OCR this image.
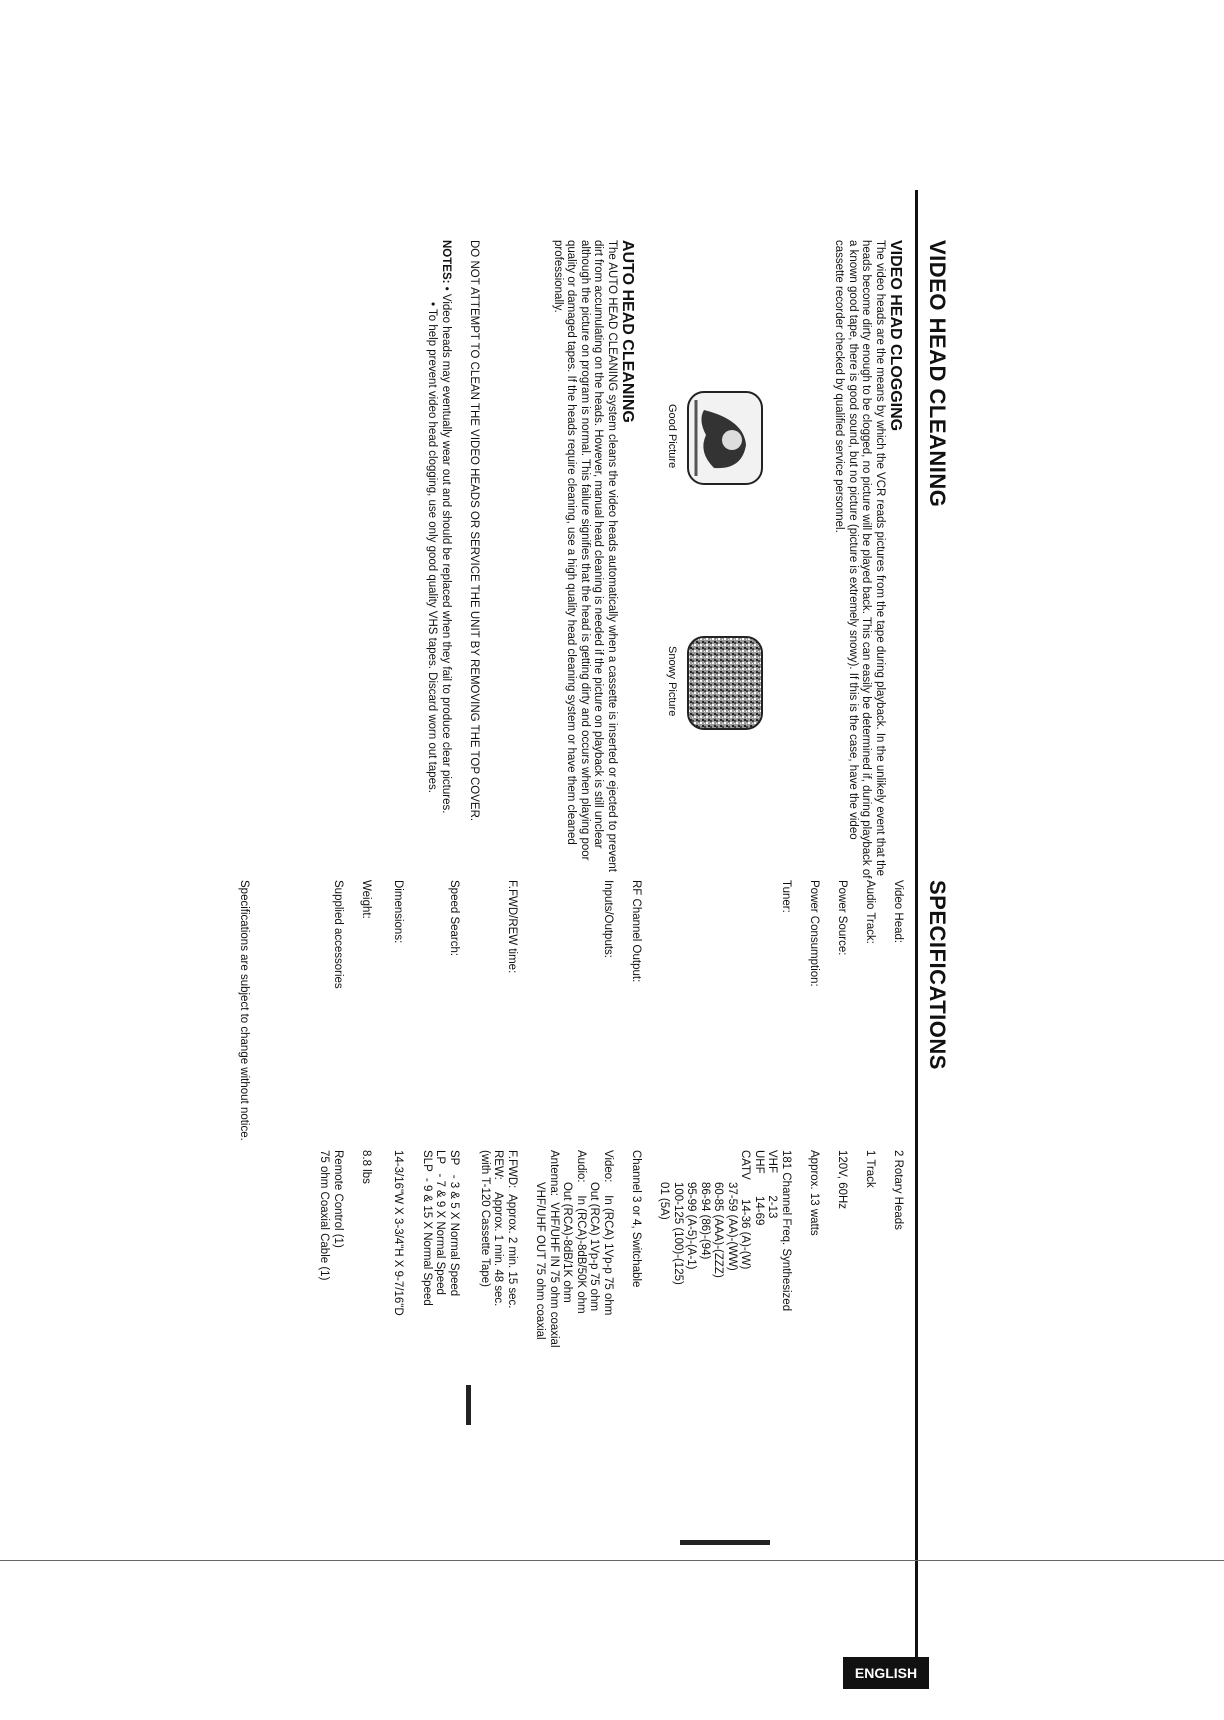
VIDEO HEAD CLEANING
SPECIFICATIONS
ENGLISH
VIDEO HEAD CLOGGING

The video heads are the means by which the VCR reads pictures from the tape during playback. In the unlikely event that the heads become dirty enough to be clogged, no picture will be played back. This can easily be determined if, during playback of a known good tape, there is good sound, but no picture (picture is extremely snowy). If this is the case, have the video cassette recorder checked by qualified service personnel.

Good Picture
Snowy Picture
AUTO HEAD CLEANING

The AUTO HEAD CLEANING system cleans the video heads automatically when a cassette is inserted or ejected to prevent dirt from accumulating on the heads. However, manual head cleaning is needed if the picture on playback is still unclear although the picture on program is normal. This failure signifies that the head is getting dirty and occurs when playing poor quality or damaged tapes. If the heads require cleaning, use a high quality head cleaning system or have them cleaned professionally.

DO NOT ATTEMPT TO CLEAN THE VIDEO HEADS OR SERVICE THE UNIT BY REMOVING THE TOP COVER.
NOTES: • Video heads may eventually wear out and should be replaced when they fail to produce clear pictures.
• To help prevent video head clogging, use only good quality VHS tapes. Discard worn out tapes.
Video Head:
2 Rotary Heads
Audio Track:
1 Track
Power Source:
120V, 60Hz
Power Consumption:
Approx. 13 watts
Tuner:
181 Channel Freq. Synthesized
VHF       2-13
UHF       14-69
CATV      14-36 (A)-(W)
37-59 (AA)-(WW)
60-85 (AAA)-(ZZZ)
86-94 (86)-(94)
95-99 (A-5)-(A-1)
100-125 (100)-(125)
01 (5A)
RF Channel Output:
Channel 3 or 4, Switchable
Inputs/Outputs:
Video:    In (RCA) 1Vp-p 75 ohm
Out (RCA) 1Vp-p 75 ohm
Audio:    In (RCA)-8dB/50K ohm
Out (RCA)-8dB/1K ohm
Antenna:  VHF/UHF IN 75 ohm coaxial
VHF/UHF OUT 75 ohm coaxial
F.FWD/REW time:
F.FWD:  Approx. 2 min. 15 sec.
REW:    Approx. 1 min. 48 sec.
(with T-120 Cassette Tape)
Speed Search:
SP   - 3 & 5 X Normal Speed
LP   - 7 & 9 X Normal Speed
SLP  - 9 & 15 X Normal Speed
Dimensions:
14-3/16"W X 3-3/4"H X 9-7/16"D
Weight:
8.8 lbs
Supplied accessories
Remote Control (1)
75 ohm Coaxial Cable (1)
Specifications are subject to change without notice.
